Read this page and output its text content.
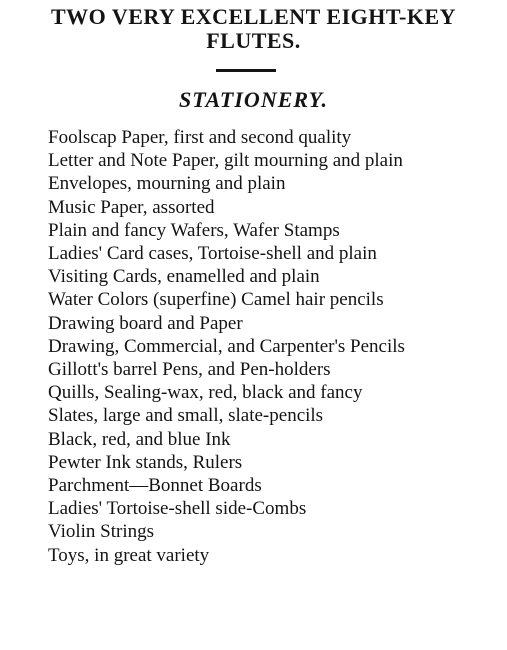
TWO VERY EXCELLENT EIGHT-KEY
FLUTES.
STATIONERY.
Foolscap Paper, first and second quality
Letter and Note Paper, gilt mourning and plain
Envelopes, mourning and plain
Music Paper, assorted
Plain and fancy Wafers, Wafer Stamps
Ladies' Card cases, Tortoise-shell and plain
Visiting Cards, enamelled and plain
Water Colors (superfine) Camel hair pencils
Drawing board and Paper
Drawing, Commercial, and Carpenter's Pencils
Gillott's barrel Pens, and Pen-holders
Quills, Sealing-wax, red, black and fancy
Slates, large and small, slate-pencils
Black, red, and blue Ink
Pewter Ink stands, Rulers
Parchment—Bonnet Boards
Ladies' Tortoise-shell side-Combs
Violin Strings
Toys, in great variety
